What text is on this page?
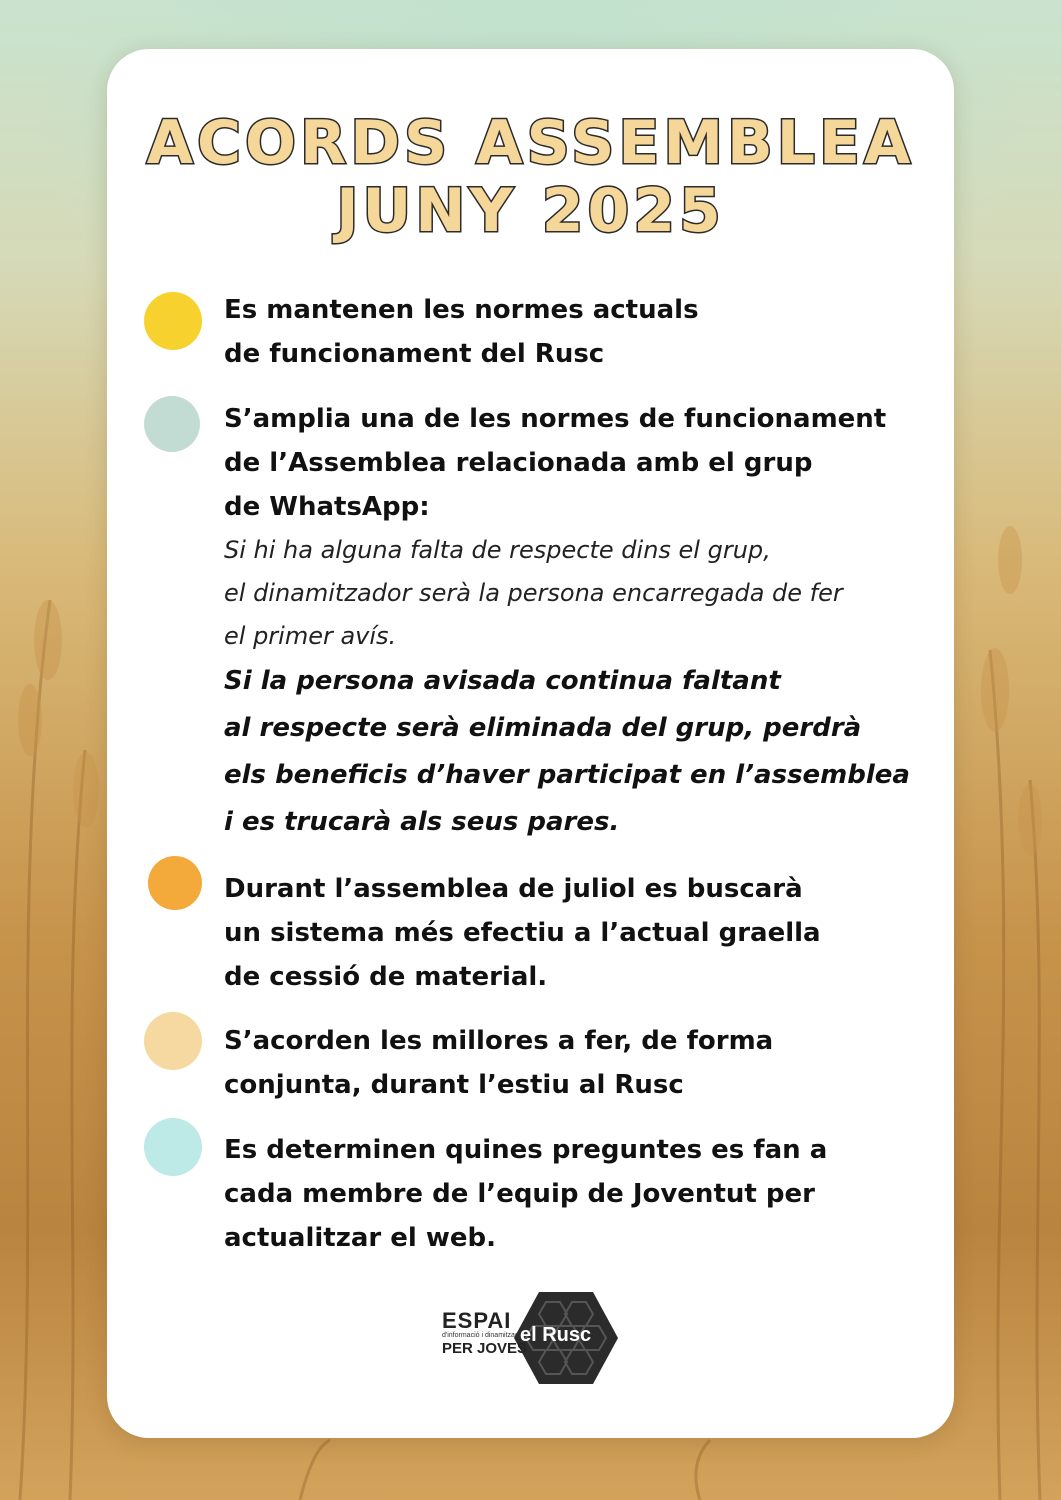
ACORDS ASSEMBLEA
JUNY 2025
Es mantenen les normes actuals
de funcionament del Rusc
S’amplia una de les normes de funcionament
de l’Assemblea relacionada amb el grup
de WhatsApp:
Si hi ha alguna falta de respecte dins el grup,
el dinamitzador serà la persona encarregada de fer
el primer avís.
Si la persona avisada continua faltant
al respecte serà eliminada del grup, perdrà
els beneficis d’haver participat en l’assemblea
i es trucarà als seus pares.
Durant l’assemblea de juliol es buscarà
un sistema més efectiu a l’actual graella
de cessió de material.
S’acorden les millores a fer, de forma
conjunta, durant l’estiu al Rusc
Es determinen quines preguntes es fan a
cada membre de l’equip de Joventut per
actualitzar el web.
ESPAI
d'informació i dinamització
PER JOVES
el Rusc
